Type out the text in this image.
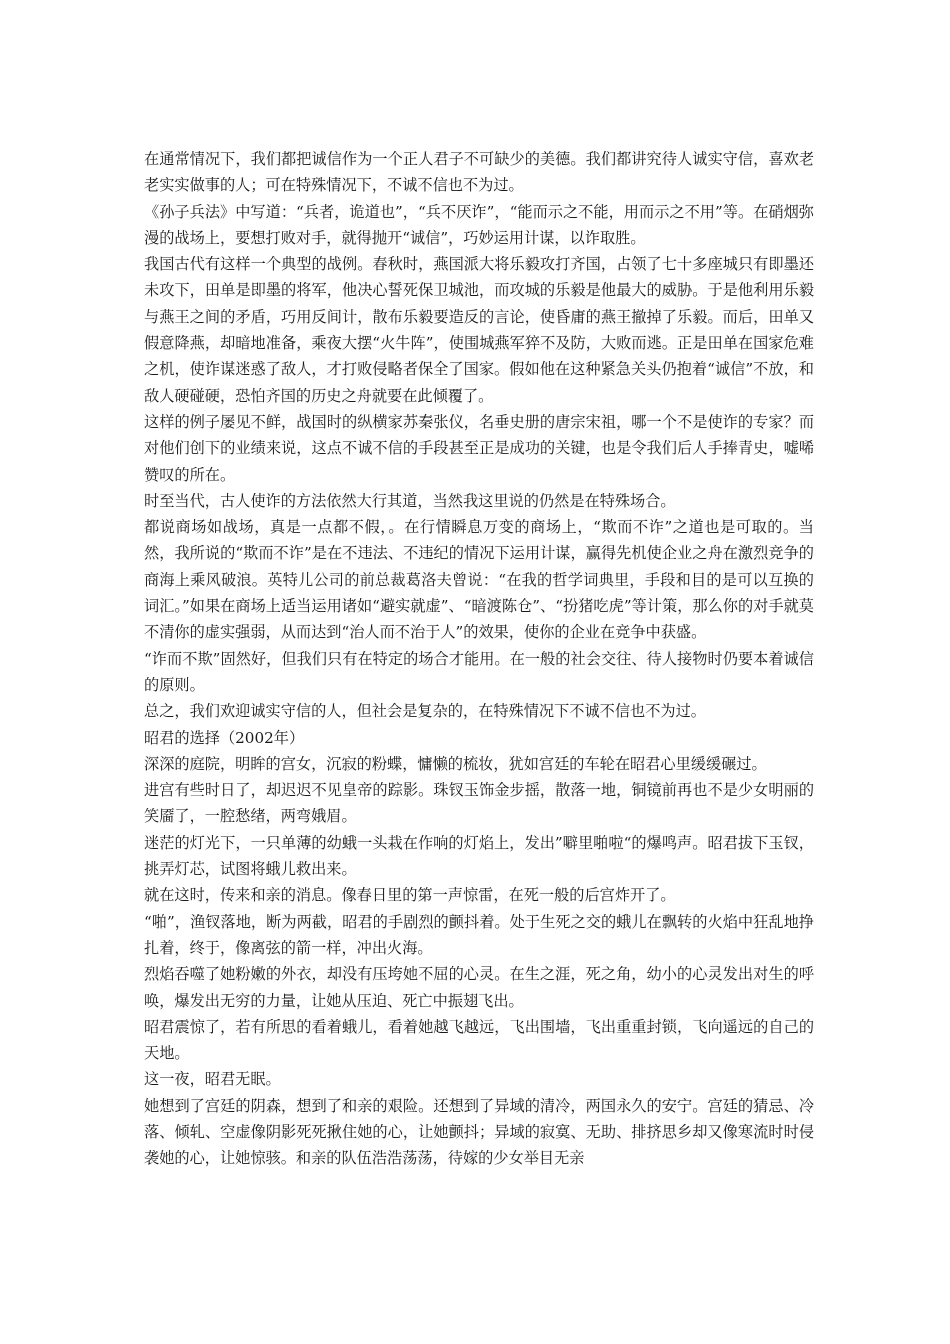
在通常情况下，我们都把诚信作为一个正人君子不可缺少的美德。我们都讲究待人诚实守信，喜欢老老实实做事的人；可在特殊情况下，不诚不信也不为过。

《孙子兵法》中写道：“兵者，诡道也”，“兵不厌诈”，“能而示之不能，用而示之不用”等。在硝烟弥漫的战场上，要想打败对手，就得抛开“诚信”，巧妙运用计谋，以诈取胜。

我国古代有这样一个典型的战例。春秋时，燕国派大将乐毅攻打齐国，占领了七十多座城只有即墨还未攻下，田单是即墨的将军，他决心誓死保卫城池，而攻城的乐毅是他最大的威胁。于是他利用乐毅与燕王之间的矛盾，巧用反间计，散布乐毅要造反的言论，使昏庸的燕王撤掉了乐毅。而后，田单又假意降燕，却暗地准备，乘夜大摆“火牛阵”，使围城燕军猝不及防，大败而逃。正是田单在国家危难之机，使诈谋迷惑了敌人，才打败侵略者保全了国家。假如他在这种紧急关头仍抱着“诚信”不放，和敌人硬碰硬，恐怕齐国的历史之舟就要在此倾覆了。

这样的例子屡见不鲜，战国时的纵横家苏秦张仪，名垂史册的唐宗宋祖，哪一个不是使诈的专家？而对他们创下的业绩来说，这点不诚不信的手段甚至正是成功的关键，也是令我们后人手捧青史，嘘唏赞叹的所在。

时至当代，古人使诈的方法依然大行其道，当然我这里说的仍然是在特殊场合。

都说商场如战场，真是一点都不假，。在行情瞬息万变的商场上，“欺而不诈”之道也是可取的。当然，我所说的“欺而不诈”是在不违法、不违纪的情况下运用计谋，赢得先机使企业之舟在激烈竞争的商海上乘风破浪。英特儿公司的前总裁葛洛夫曾说：“在我的哲学词典里，手段和目的是可以互换的词汇。”如果在商场上适当运用诸如“避实就虚”、“暗渡陈仓”、“扮猪吃虎”等计策，那么你的对手就莫不清你的虚实强弱，从而达到“治人而不治于人”的效果，使你的企业在竞争中获盛。

“诈而不欺”固然好，但我们只有在特定的场合才能用。在一般的社会交往、待人接物时仍要本着诚信的原则。

总之，我们欢迎诚实守信的人，但社会是复杂的，在特殊情况下不诚不信也不为过。

昭君的选择（2002年）

深深的庭院，明眸的宫女，沉寂的粉蝶，慵懒的梳妆，犹如宫廷的车轮在昭君心里缓缓碾过。

进宫有些时日了，却迟迟不见皇帝的踪影。珠钗玉饰金步摇，散落一地，铜镜前再也不是少女明丽的笑靥了，一腔愁绪，两弯娥眉。

迷茫的灯光下，一只单薄的幼蛾一头栽在作响的灯焰上，发出”噼里啪啦“的爆鸣声。昭君拔下玉钗，挑弄灯芯，试图将蛾儿救出来。

就在这时，传来和亲的消息。像春日里的第一声惊雷，在死一般的后宫炸开了。

“啪”，渔钗落地，断为两截，昭君的手剧烈的颤抖着。处于生死之交的蛾儿在飘转的火焰中狂乱地挣扎着，终于，像离弦的箭一样，冲出火海。

烈焰吞噬了她粉嫩的外衣，却没有压垮她不屈的心灵。在生之涯，死之角，幼小的心灵发出对生的呼唤，爆发出无穷的力量，让她从压迫、死亡中振翅飞出。

昭君震惊了，若有所思的看着蛾儿，看着她越飞越远，飞出围墙，飞出重重封锁，飞向遥远的自己的天地。

这一夜，昭君无眠。

她想到了宫廷的阴森，想到了和亲的艰险。还想到了异域的清冷，两国永久的安宁。宫廷的猜忌、冷落、倾轧、空虚像阴影死死揪住她的心，让她颤抖；异域的寂寞、无助、排挤思乡却又像寒流时时侵袭她的心，让她惊骇。和亲的队伍浩浩荡荡，待嫁的少女举目无亲
